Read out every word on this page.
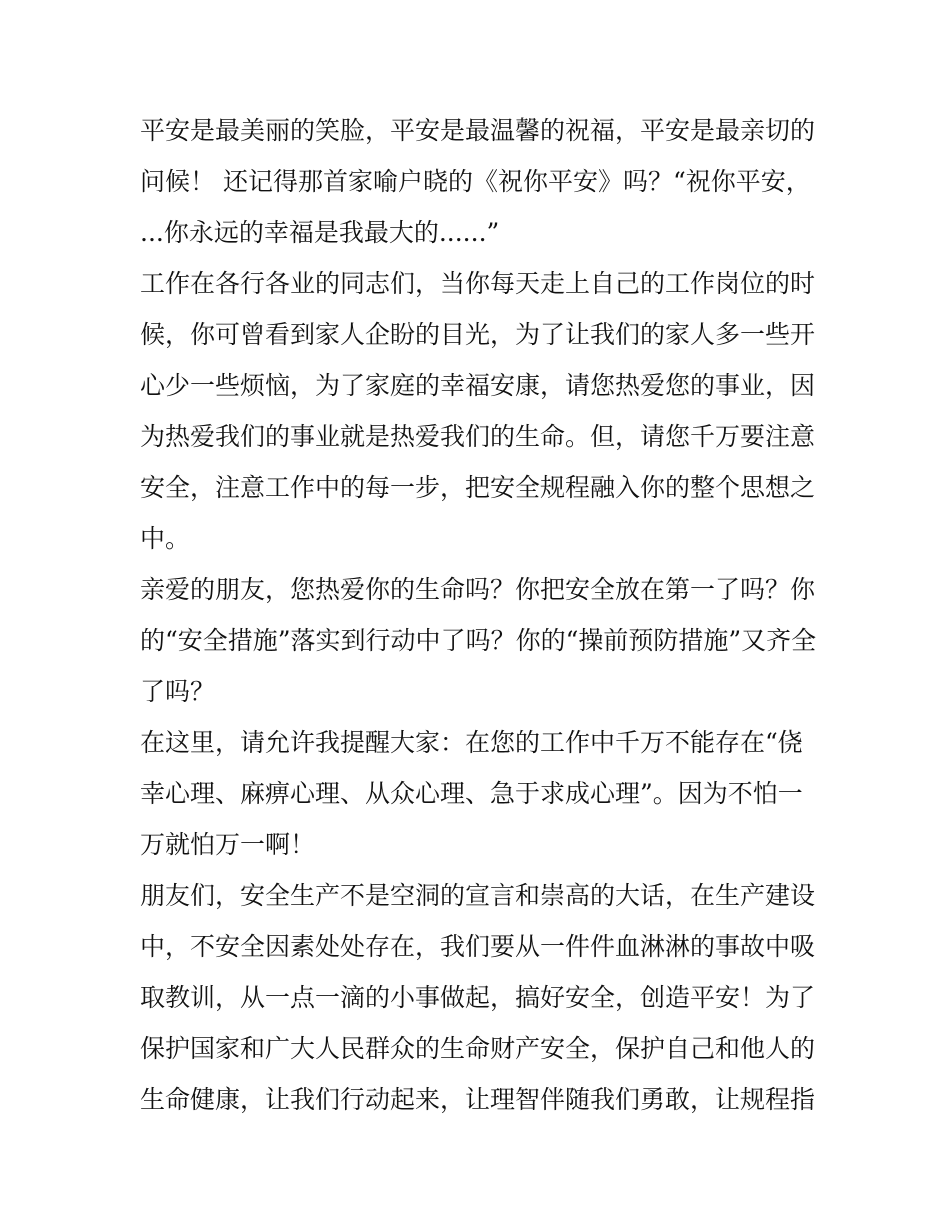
平安是最美丽的笑脸，平安是最温馨的祝福，平安是最亲切的
问候！ 还记得那首家喻户晓的《祝你平安》吗？“祝你平安，
...你永远的幸福是我最大的......”
工作在各行各业的同志们，当你每天走上自己的工作岗位的时
候，你可曾看到家人企盼的目光，为了让我们的家人多一些开
心少一些烦恼，为了家庭的幸福安康，请您热爱您的事业，因
为热爱我们的事业就是热爱我们的生命。但，请您千万要注意
安全，注意工作中的每一步，把安全规程融入你的整个思想之
中。
亲爱的朋友，您热爱你的生命吗？你把安全放在第一了吗？你
的“安全措施”落实到行动中了吗？你的“操前预防措施”又齐全
了吗？
在这里，请允许我提醒大家：在您的工作中千万不能存在“侥
幸心理、麻痹心理、从众心理、急于求成心理”。因为不怕一
万就怕万一啊！
朋友们，安全生产不是空洞的宣言和崇高的大话，在生产建设
中，不安全因素处处存在，我们要从一件件血淋淋的事故中吸
取教训，从一点一滴的小事做起，搞好安全，创造平安！为了
保护国家和广大人民群众的生命财产安全，保护自己和他人的
生命健康，让我们行动起来，让理智伴随我们勇敢，让规程指
